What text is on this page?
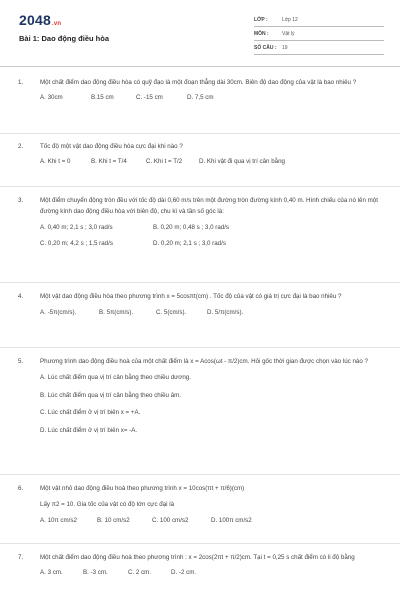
2048.vn
Bài 1: Dao động điều hòa
LỚP :	Lớp 12
MÔN :	Vật lý
SỐ CÂU : 19
1.	Một chất điểm dao động điều hòa có quỹ đạo là một đoạn thẳng dài 30cm. Biên độ dao động của vật là bao nhiêu ?
A. 30cm	B.15 cm	C. -15 cm	D. 7,5 cm
2.	Tốc độ một vật dao động điều hòa cực đại khi nào ?
A. Khi t = 0	B. Khi t = T/4	C. Khi t = T/2	D. Khi vật đi qua vị trí cân bằng
3.	Một điểm chuyển động tròn đều với tốc độ dài 0,60 m/s trên một đường tròn đường kính 0,40 m. Hình chiếu của nó lên một đường kính dao động điều hòa với biên độ, chu kì và tần số góc là:
A. 0,40 m; 2,1 s ; 3,0 rad/s	B. 0,20 m; 0,48 s ; 3,0 rad/s
C. 0,20 m; 4,2 s ; 1,5 rad/s	D. 0,20 m; 2,1 s ; 3,0 rad/s
4.	Một vật dao động điều hòa theo phương trình x = 5cosπt(cm) . Tốc độ của vật có giá trị cực đại là bao nhiêu ?
A. -5π(cm/s).	B. 5π(cm/s).	C. 5(cm/s).	D. 5/π(cm/s).
5.	Phương trình dao động điều hoà của một chất điểm là x = Acos(ωt - π/2)cm. Hỏi gốc thời gian được chọn vào lúc nào ?
A. Lúc chất điểm qua vị trí cân bằng theo chiều dương.
B. Lúc chất điểm qua vị trí cân bằng theo chiều âm.
C. Lúc chất điểm ở vị trí biên x = +A.
D. Lúc chất điểm ở vị trí biên x= -A.
6.	Một vật nhỏ dao động điều hoà theo phương trình x = 10cos(πt + π/6)(cm)
Lấy π2 = 10. Gia tốc của vật có độ lớn cực đại là
A. 10π cm/s2	B. 10 cm/s2	C. 100 cm/s2	D. 100π cm/s2
7.	Một chất điểm dao động điều hoà theo phương trình : x = 2cos(2πt + π/2)cm. Tại t = 0,25 s chất điểm có li độ bằng
A. 3 cm.	B. -3 cm.	C. 2 cm.	D. -2 cm.
